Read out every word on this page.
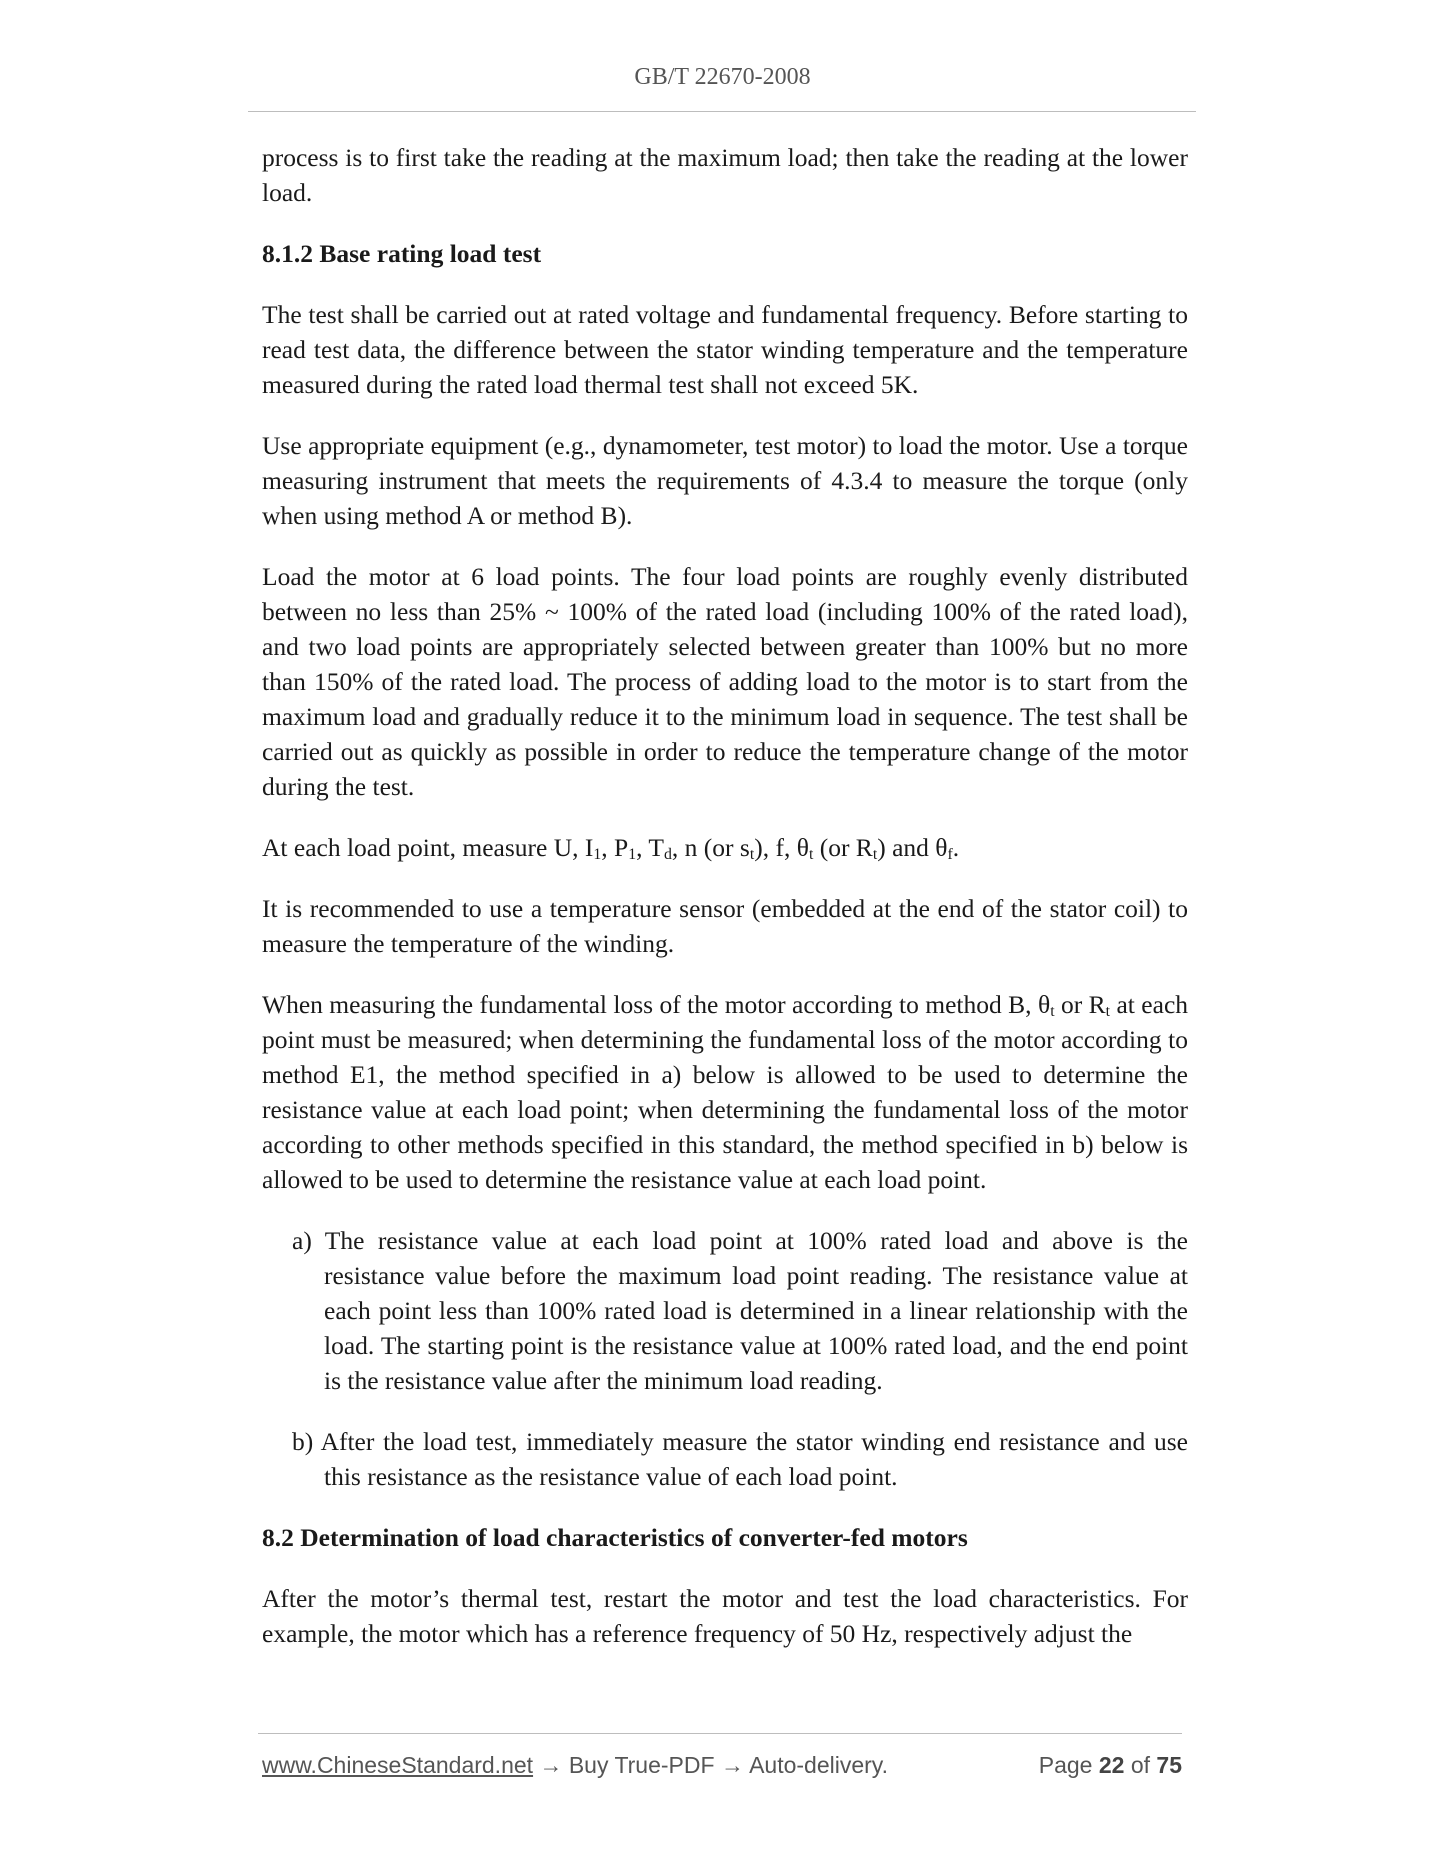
GB/T 22670-2008

process is to first take the reading at the maximum load; then take the reading at the lower load.

8.1.2 Base rating load test

The test shall be carried out at rated voltage and fundamental frequency. Before starting to read test data, the difference between the stator winding temperature and the temperature measured during the rated load thermal test shall not exceed 5K.

Use appropriate equipment (e.g., dynamometer, test motor) to load the motor. Use a torque measuring instrument that meets the requirements of 4.3.4 to measure the torque (only when using method A or method B).

Load the motor at 6 load points. The four load points are roughly evenly distributed between no less than 25% ~ 100% of the rated load (including 100% of the rated load), and two load points are appropriately selected between greater than 100% but no more than 150% of the rated load. The process of adding load to the motor is to start from the maximum load and gradually reduce it to the minimum load in sequence. The test shall be carried out as quickly as possible in order to reduce the temperature change of the motor during the test.

At each load point, measure U, $I_1$, $P_1$, $T_d$, n (or $s_t$), f, $\theta_t$ (or $R_t$) and $\theta_f$.

It is recommended to use a temperature sensor (embedded at the end of the stator coil) to measure the temperature of the winding.

When measuring the fundamental loss of the motor according to method B, $\theta_t$ or $R_t$ at each point must be measured; when determining the fundamental loss of the motor according to method E1, the method specified in a) below is allowed to be used to determine the resistance value at each load point; when determining the fundamental loss of the motor according to other methods specified in this standard, the method specified in b) below is allowed to be used to determine the resistance value at each load point.

a) The resistance value at each load point at 100% rated load and above is the resistance value before the maximum load point reading. The resistance value at each point less than 100% rated load is determined in a linear relationship with the load. The starting point is the resistance value at 100% rated load, and the end point is the resistance value after the minimum load reading.

b) After the load test, immediately measure the stator winding end resistance and use this resistance as the resistance value of each load point.

8.2 Determination of load characteristics of converter-fed motors

After the motor’s thermal test, restart the motor and test the load characteristics. For example, the motor which has a reference frequency of 50 Hz, respectively adjust the

www.ChineseStandard.net → Buy True-PDF → Auto-delivery.	Page 22 of 75
